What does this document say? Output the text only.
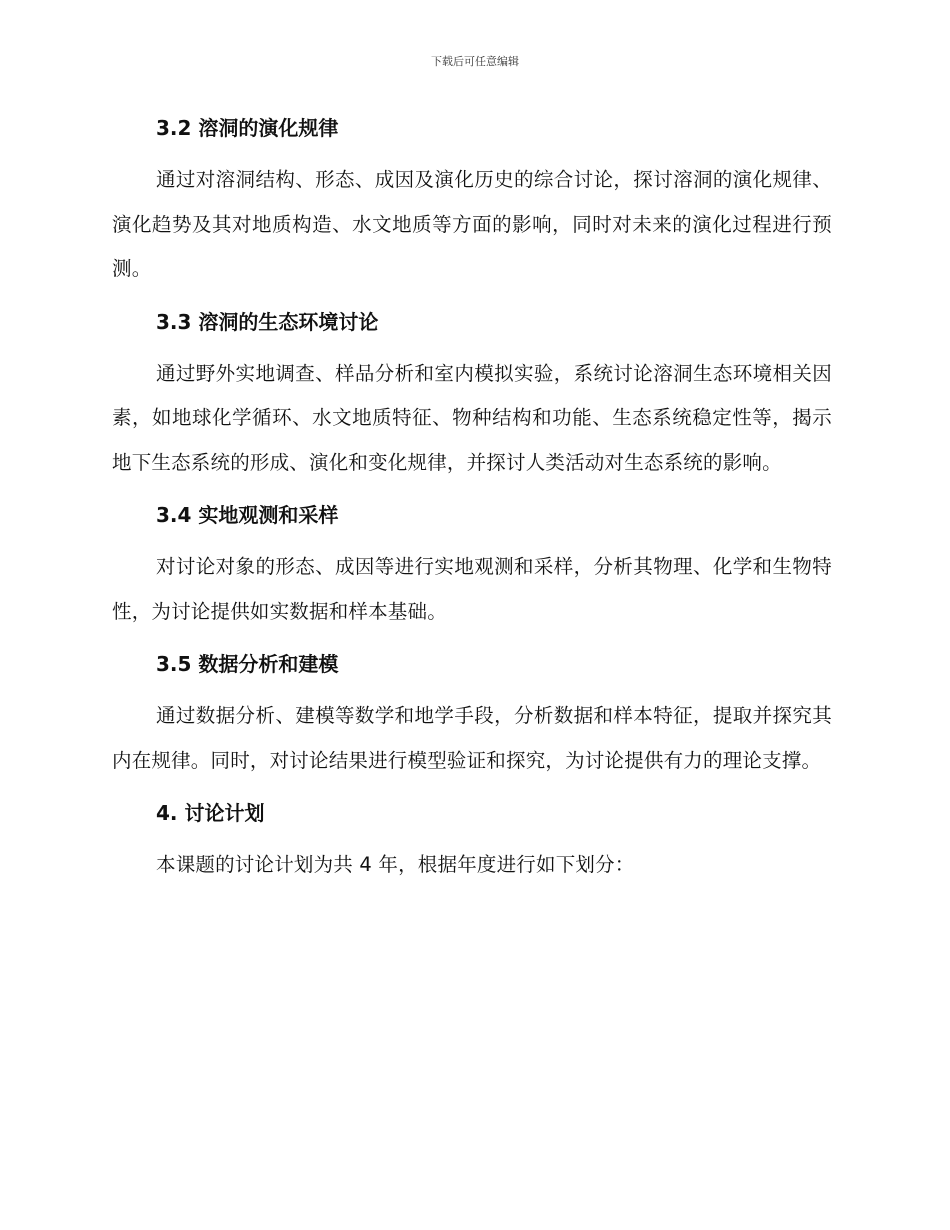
下载后可任意编辑
3.2 溶洞的演化规律

通过对溶洞结构、形态、成因及演化历史的综合讨论，探讨溶洞的演化规律、演化趋势及其对地质构造、水文地质等方面的影响，同时对未来的演化过程进行预测。

3.3 溶洞的生态环境讨论

通过野外实地调查、样品分析和室内模拟实验，系统讨论溶洞生态环境相关因素，如地球化学循环、水文地质特征、物种结构和功能、生态系统稳定性等，揭示地下生态系统的形成、演化和变化规律，并探讨人类活动对生态系统的影响。

3.4 实地观测和采样

对讨论对象的形态、成因等进行实地观测和采样，分析其物理、化学和生物特性，为讨论提供如实数据和样本基础。

3.5 数据分析和建模

通过数据分析、建模等数学和地学手段，分析数据和样本特征，提取并探究其内在规律。同时，对讨论结果进行模型验证和探究，为讨论提供有力的理论支撑。

4. 讨论计划

本课题的讨论计划为共 4 年，根据年度进行如下划分：
